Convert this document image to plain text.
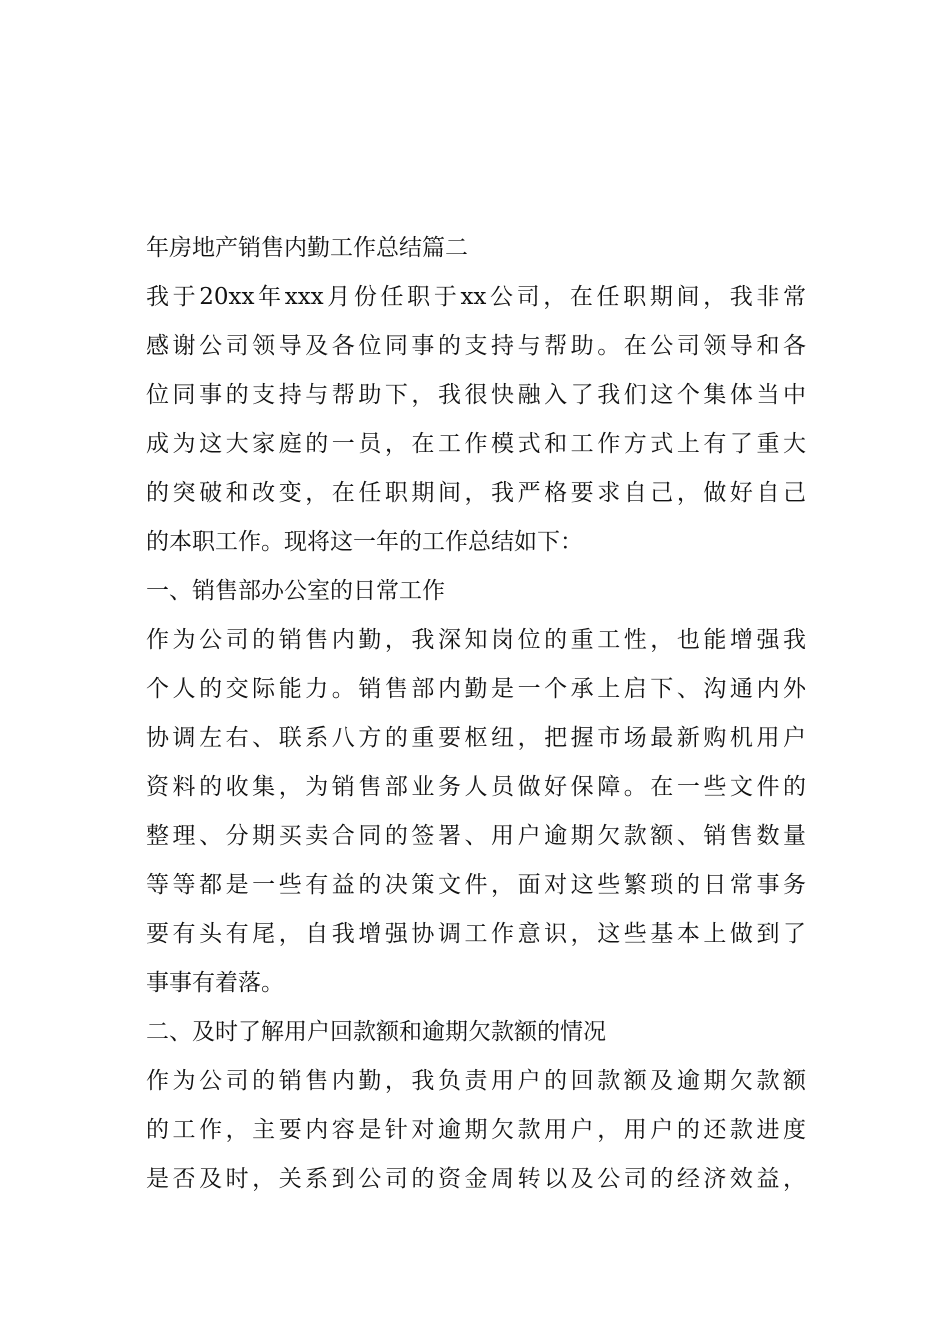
年房地产销售内勤工作总结篇二
我于20xx年xxx月份任职于xx公司，在任职期间，我非常
感谢公司领导及各位同事的支持与帮助。在公司领导和各
位同事的支持与帮助下，我很快融入了我们这个集体当中
成为这大家庭的一员，在工作模式和工作方式上有了重大
的突破和改变，在任职期间，我严格要求自己，做好自己
的本职工作。现将这一年的工作总结如下：
一、销售部办公室的日常工作
作为公司的销售内勤，我深知岗位的重工性，也能增强我
个人的交际能力。销售部内勤是一个承上启下、沟通内外
协调左右、联系八方的重要枢纽，把握市场最新购机用户
资料的收集，为销售部业务人员做好保障。在一些文件的
整理、分期买卖合同的签署、用户逾期欠款额、销售数量
等等都是一些有益的决策文件，面对这些繁琐的日常事务
要有头有尾，自我增强协调工作意识，这些基本上做到了
事事有着落。
二、及时了解用户回款额和逾期欠款额的情况
作为公司的销售内勤，我负责用户的回款额及逾期欠款额
的工作，主要内容是针对逾期欠款用户，用户的还款进度
是否及时，关系到公司的资金周转以及公司的经济效益，
